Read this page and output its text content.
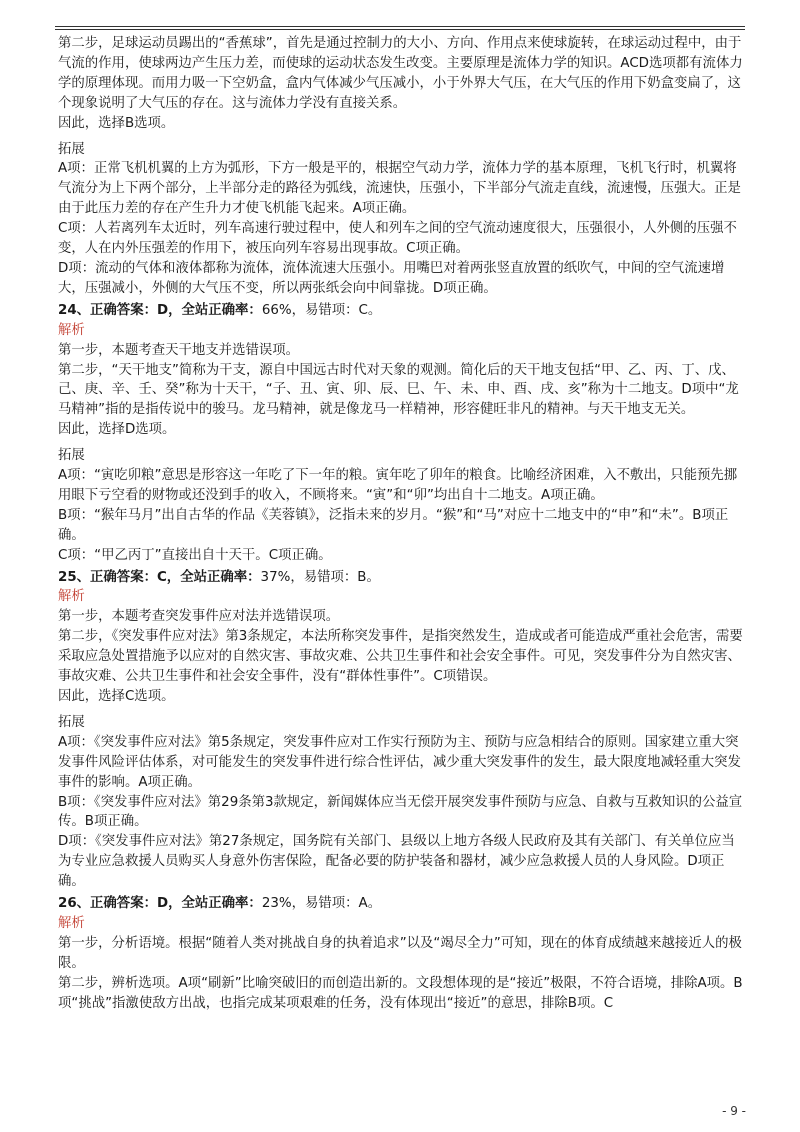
第二步，足球运动员踢出的“香蕉球”，首先是通过控制力的大小、方向、作用点来使球旋转，在球运动过程中，由于气流的作用，使球两边产生压力差，而使球的运动状态发生改变。主要原理是流体力学的知识。ACD选项都有流体力学的原理体现。而用力吸一下空奶盒，盒内气体减少气压减小，小于外界大气压，在大气压的作用下奶盒变扁了，这个现象说明了大气压的存在。这与流体力学没有直接关系。

因此，选择B选项。

拓展

A项：正常飞机机翼的上方为弧形，下方一般是平的，根据空气动力学，流体力学的基本原理，飞机飞行时，机翼将气流分为上下两个部分，上半部分走的路径为弧线，流速快，压强小，下半部分气流走直线，流速慢，压强大。正是由于此压力差的存在产生升力才使飞机能飞起来。A项正确。

C项：人若离列车太近时，列车高速行驶过程中，使人和列车之间的空气流动速度很大，压强很小，人外侧的压强不变，人在内外压强差的作用下，被压向列车容易出现事故。C项正确。

D项：流动的气体和液体都称为流体，流体流速大压强小。用嘴巴对着两张竖直放置的纸吹气，中间的空气流速增大，压强减小，外侧的大气压不变，所以两张纸会向中间靠拢。D项正确。

24、正确答案：D，全站正确率：66%，易错项：C。

解析

第一步，本题考查天干地支并选错误项。

第二步，“天干地支”简称为干支，源自中国远古时代对天象的观测。简化后的天干地支包括“甲、乙、丙、丁、戊、己、庚、辛、壬、癸”称为十天干，“子、丑、寅、卯、辰、巳、午、未、申、酉、戌、亥”称为十二地支。D项中“龙马精神”指的是指传说中的骏马。龙马精神，就是像龙马一样精神，形容健旺非凡的精神。与天干地支无关。

因此，选择D选项。

拓展

A项：“寅吃卯粮”意思是形容这一年吃了下一年的粮。寅年吃了卯年的粮食。比喻经济困难，入不敷出，只能预先挪用眼下亏空看的财物或还没到手的收入，不顾将来。“寅”和“卯”均出自十二地支。A项正确。

B项：“猴年马月”出自古华的作品《芙蓉镇》，泛指未来的岁月。“猴”和“马”对应十二地支中的“申”和“未”。B项正确。

C项：“甲乙丙丁”直接出自十天干。C项正确。

25、正确答案：C，全站正确率：37%，易错项：B。

解析

第一步，本题考查突发事件应对法并选错误项。

第二步，《突发事件应对法》第3条规定，本法所称突发事件，是指突然发生，造成或者可能造成严重社会危害，需要采取应急处置措施予以应对的自然灾害、事故灾难、公共卫生事件和社会安全事件。可见，突发事件分为自然灾害、事故灾难、公共卫生事件和社会安全事件，没有“群体性事件”。C项错误。

因此，选择C选项。

拓展

A项：《突发事件应对法》第5条规定，突发事件应对工作实行预防为主、预防与应急相结合的原则。国家建立重大突发事件风险评估体系，对可能发生的突发事件进行综合性评估，减少重大突发事件的发生，最大限度地减轻重大突发事件的影响。A项正确。

B项：《突发事件应对法》第29条第3款规定，新闻媒体应当无偿开展突发事件预防与应急、自救与互救知识的公益宣传。B项正确。

D项：《突发事件应对法》第27条规定，国务院有关部门、县级以上地方各级人民政府及其有关部门、有关单位应当为专业应急救援人员购买人身意外伤害保险，配备必要的防护装备和器材，减少应急救援人员的人身风险。D项正确。

26、正确答案：D，全站正确率：23%，易错项：A。

解析

第一步，分析语境。根据“随着人类对挑战自身的执着追求”以及“竭尽全力”可知，现在的体育成绩越来越接近人的极限。

第二步，辨析选项。A项“刷新”比喻突破旧的而创造出新的。文段想体现的是“接近”极限，不符合语境，排除A项。B项“挑战”指激使敌方出战，也指完成某项艰难的任务，没有体现出“接近”的意思，排除B项。C

- 9 -
